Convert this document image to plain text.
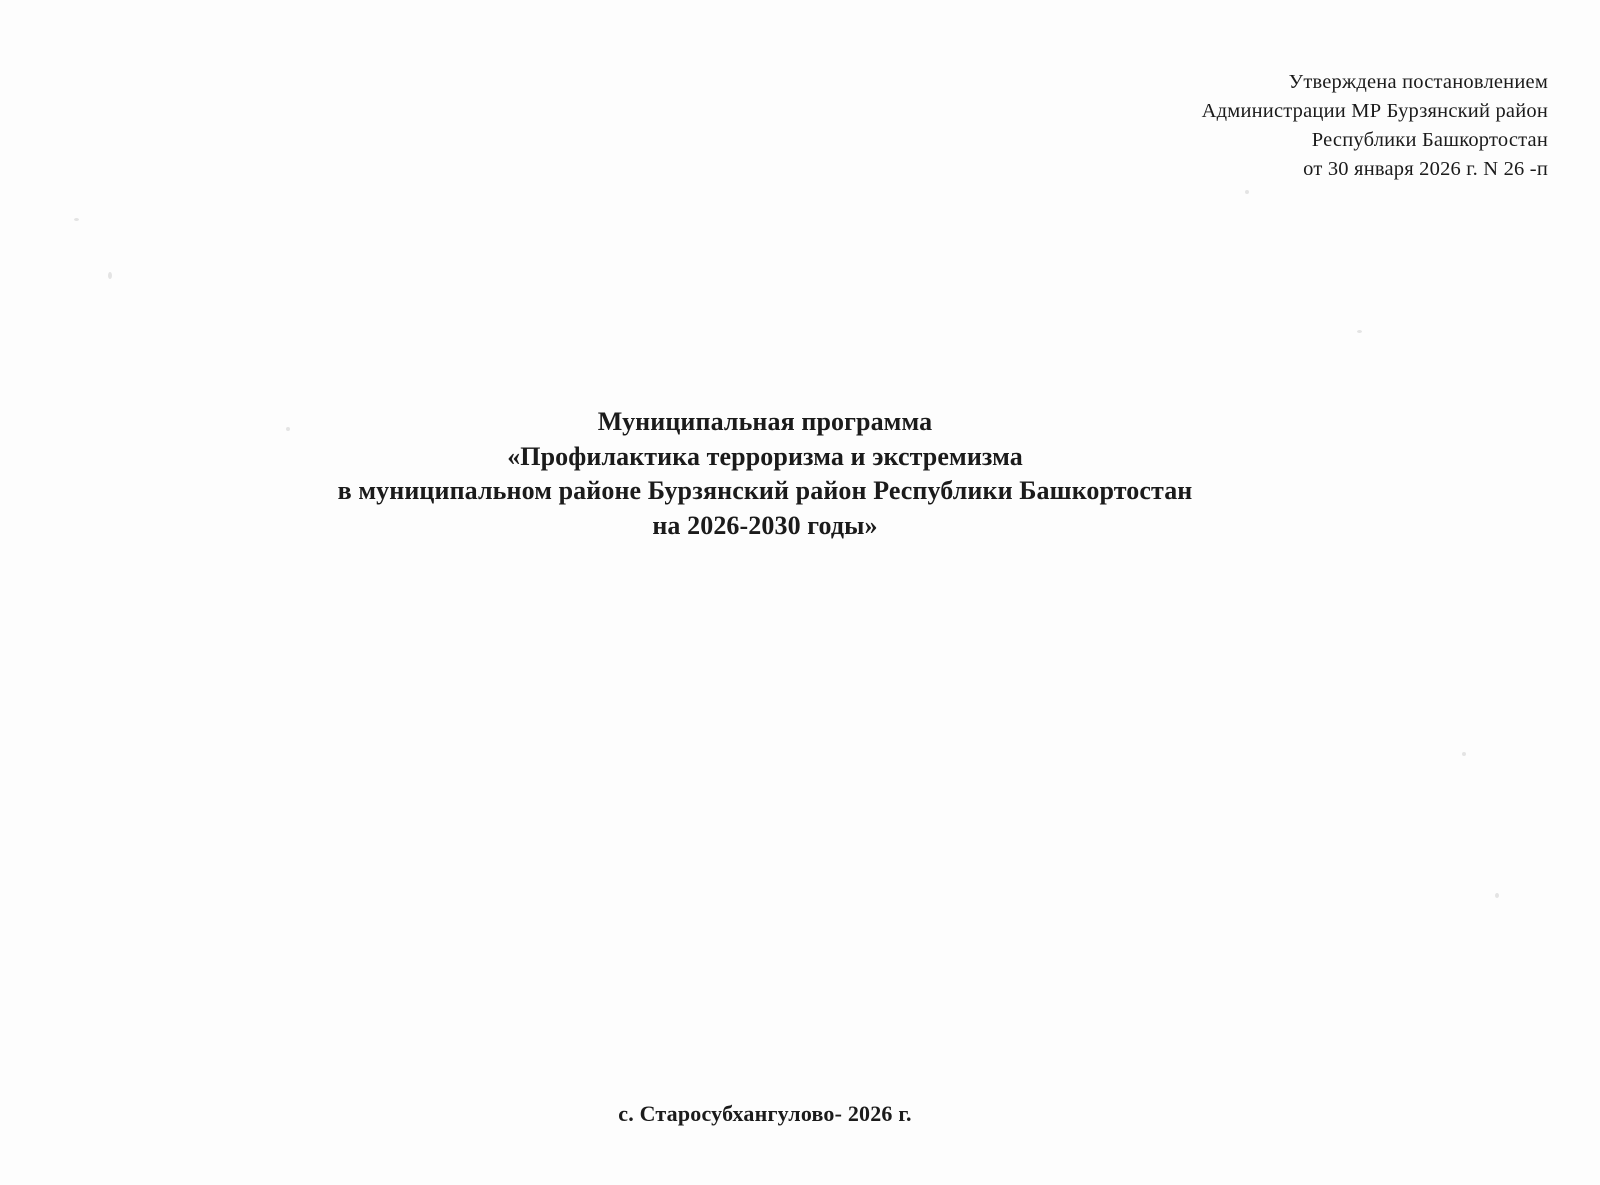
Утверждена постановлением
Администрации МР Бурзянский район
Республики Башкортостан
от 30 января 2026 г. N 26 -п
Муниципальная программа
«Профилактика терроризма и экстремизма
в муниципальном районе Бурзянский район Республики Башкортостан
на 2026-2030 годы»
с. Старосубхангулово- 2026 г.
